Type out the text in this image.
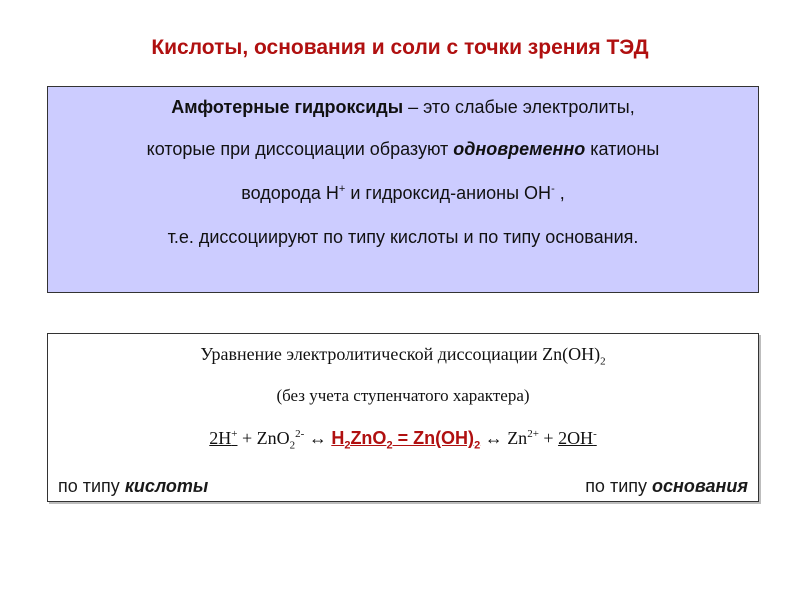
Кислоты, основания и соли с точки зрения ТЭД
Амфотерные гидроксиды – это слабые электролиты,
которые при диссоциации образуют одновременно катионы
водорода H+ и гидроксид-анионы OH- ,
т.е. диссоциируют по типу кислоты и по типу основания.
Уравнение электролитической диссоциации $Zn(OH)_2$
(без учета ступенчатого характера)
2H+ + ZnO$_2^{2-}$ ↔ $H_2ZnO_2 = Zn(OH)_2$ ↔ $Zn^{2+} + 2OH^-$
по типу кислоты	по типу основания
